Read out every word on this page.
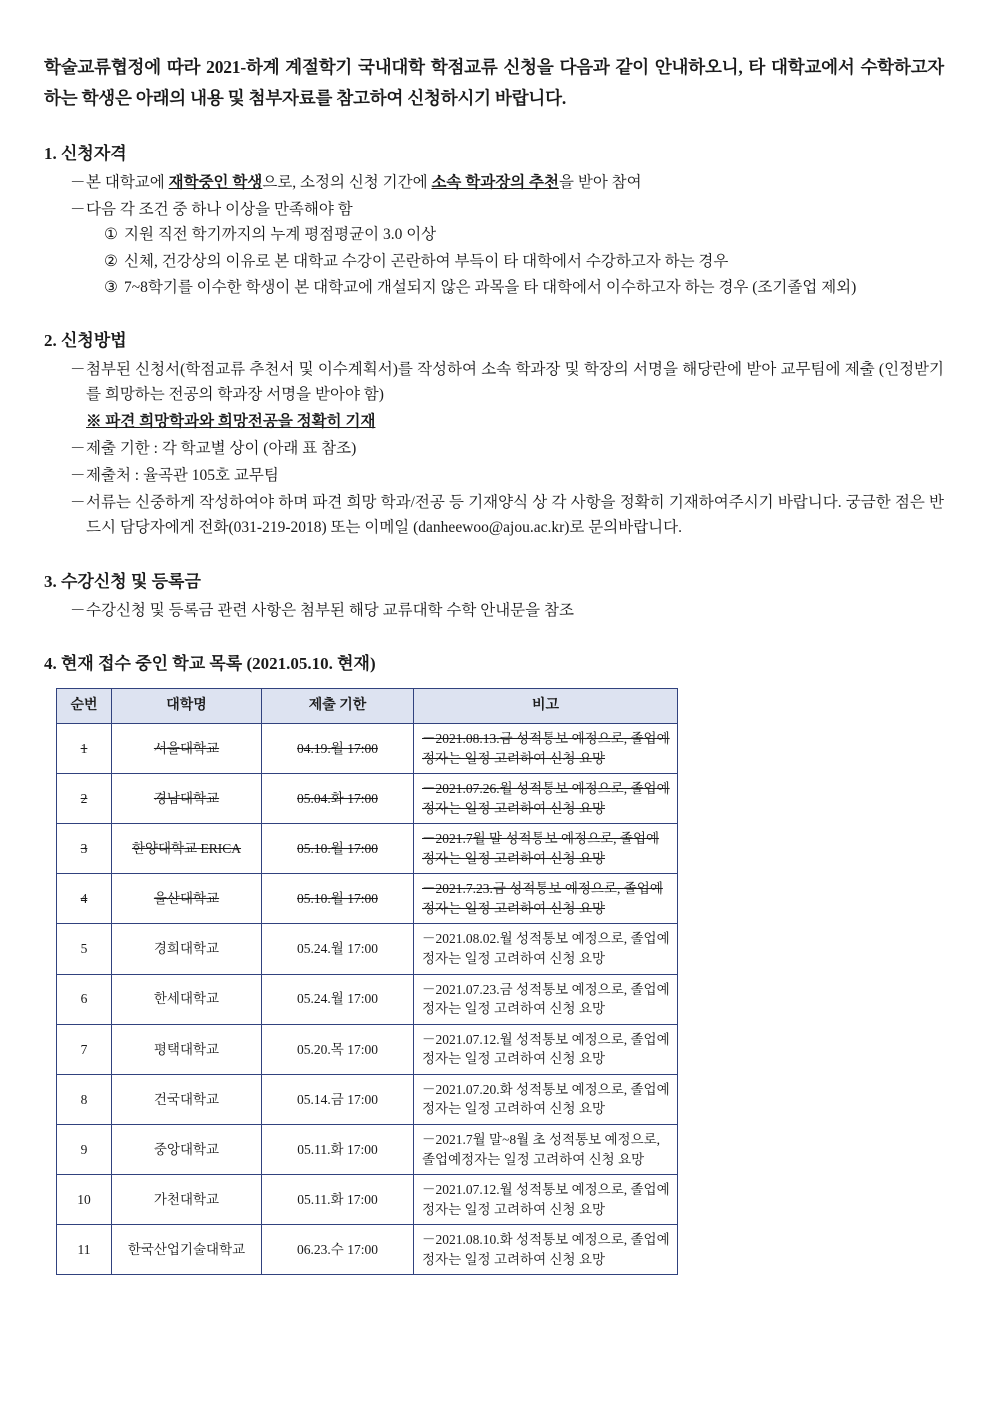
학술교류협정에 따라 2021-하계 계절학기 국내대학 학점교류 신청을 다음과 같이 안내하오니, 타 대학교에서 수학하고자 하는 학생은 아래의 내용 및 첨부자료를 참고하여 신청하시기 바랍니다.

1. 신청자격
－ 본 대학교에 재학중인 학생으로, 소정의 신청 기간에 소속 학과장의 추천을 받아 참여
－ 다음 각 조건 중 하나 이상을 만족해야 함
① 지원 직전 학기까지의 누계 평점평균이 3.0 이상
② 신체, 건강상의 이유로 본 대학교 수강이 곤란하여 부득이 타 대학에서 수강하고자 하는 경우
③ 7~8학기를 이수한 학생이 본 대학교에 개설되지 않은 과목을 타 대학에서 이수하고자 하는 경우 (조기졸업 제외)
2. 신청방법
－ 첨부된 신청서(학점교류 추천서 및 이수계획서)를 작성하여 소속 학과장 및 학장의 서명을 해당란에 받아 교무팀에 제출 (인정받기를 희망하는 전공의 학과장 서명을 받아야 함)
※ 파견 희망학과와 희망전공을 정확히 기재
－ 제출 기한 : 각 학교별 상이 (아래 표 참조)
－ 제출처 : 율곡관 105호 교무팀
－ 서류는 신중하게 작성하여야 하며 파견 희망 학과/전공 등 기재양식 상 각 사항을 정확히 기재하여주시기 바랍니다. 궁금한 점은 반드시 담당자에게 전화(031-219-2018) 또는 이메일 (danheewoo@ajou.ac.kr)로 문의바랍니다.
3. 수강신청 및 등록금
－ 수강신청 및 등록금 관련 사항은 첨부된 해당 교류대학 수학 안내문을 참조
4. 현재 접수 중인 학교 목록 (2021.05.10. 현재)
순번	대학명	제출 기한	비고
1	서울대학교	04.19.월 17:00	－2021.08.13.금 성적통보 예정으로, 졸업예정자는 일정 고려하여 신청 요망
2	경남대학교	05.04.화 17:00	－2021.07.26.월 성적통보 예정으로, 졸업예정자는 일정 고려하여 신청 요망
3	한양대학교 ERICA	05.10.월 17:00	－2021.7월 말 성적통보 예정으로, 졸업예정자는 일정 고려하여 신청 요망
4	울산대학교	05.10.월 17:00	－2021.7.23.금 성적통보 예정으로, 졸업예정자는 일정 고려하여 신청 요망
5	경희대학교	05.24.월 17:00	－2021.08.02.월 성적통보 예정으로, 졸업예정자는 일정 고려하여 신청 요망
6	한세대학교	05.24.월 17:00	－2021.07.23.금 성적통보 예정으로, 졸업예정자는 일정 고려하여 신청 요망
7	평택대학교	05.20.목 17:00	－2021.07.12.월 성적통보 예정으로, 졸업예정자는 일정 고려하여 신청 요망
8	건국대학교	05.14.금 17:00	－2021.07.20.화 성적통보 예정으로, 졸업예정자는 일정 고려하여 신청 요망
9	중앙대학교	05.11.화 17:00	－2021.7월 말~8월 초 성적통보 예정으로, 졸업예정자는 일정 고려하여 신청 요망
10	가천대학교	05.11.화 17:00	－2021.07.12.월 성적통보 예정으로, 졸업예정자는 일정 고려하여 신청 요망
11	한국산업기술대학교	06.23.수 17:00	－2021.08.10.화 성적통보 예정으로, 졸업예정자는 일정 고려하여 신청 요망
